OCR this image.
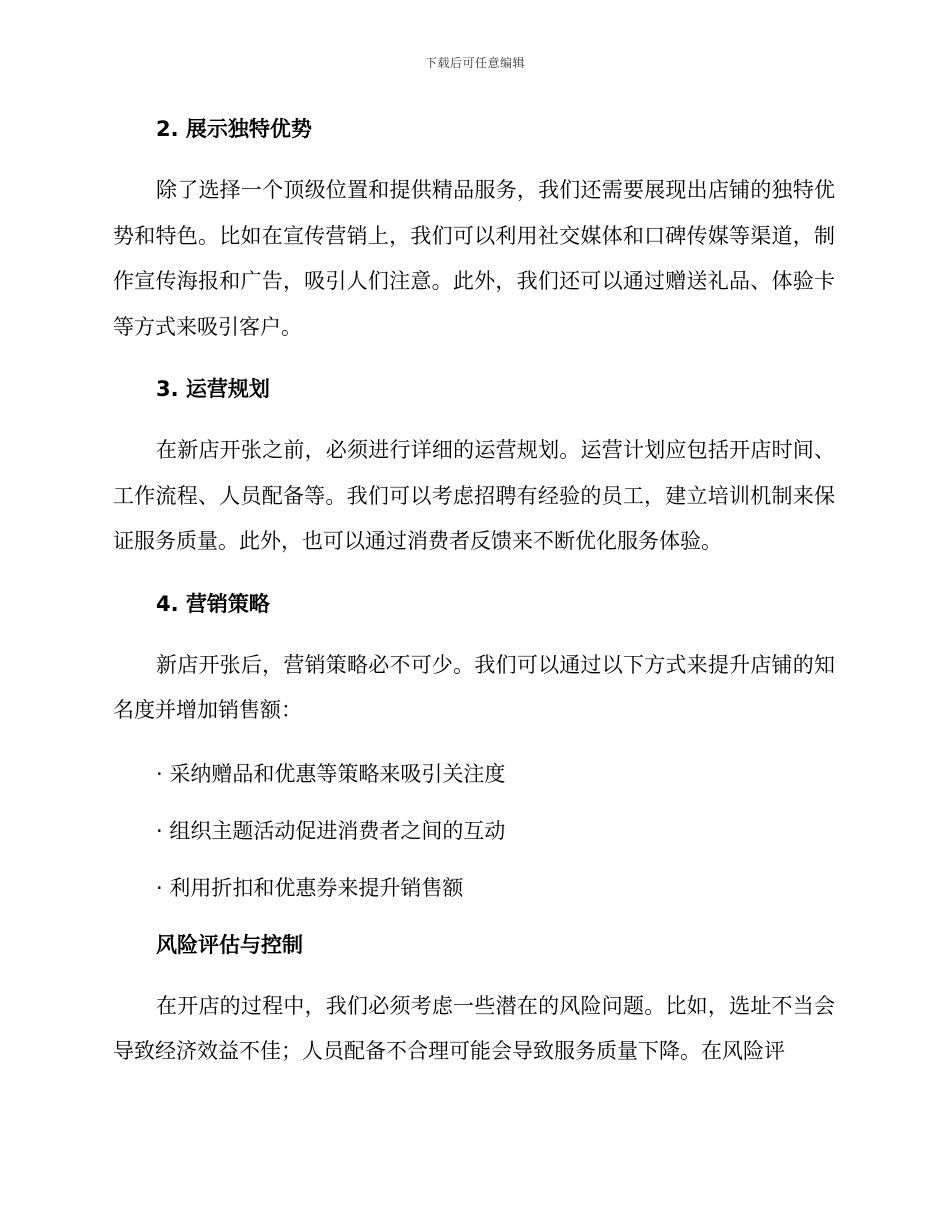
下载后可任意编辑

2. 展示独特优势

除了选择一个顶级位置和提供精品服务，我们还需要展现出店铺的独特优势和特色。比如在宣传营销上，我们可以利用社交媒体和口碑传媒等渠道，制作宣传海报和广告，吸引人们注意。此外，我们还可以通过赠送礼品、体验卡等方式来吸引客户。

3. 运营规划

在新店开张之前，必须进行详细的运营规划。运营计划应包括开店时间、工作流程、人员配备等。我们可以考虑招聘有经验的员工，建立培训机制来保证服务质量。此外，也可以通过消费者反馈来不断优化服务体验。

4. 营销策略

新店开张后，营销策略必不可少。我们可以通过以下方式来提升店铺的知名度并增加销售额：

· 采纳赠品和优惠等策略来吸引关注度

· 组织主题活动促进消费者之间的互动

· 利用折扣和优惠券来提升销售额

风险评估与控制

在开店的过程中，我们必须考虑一些潜在的风险问题。比如，选址不当会导致经济效益不佳；人员配备不合理可能会导致服务质量下降。在风险评
